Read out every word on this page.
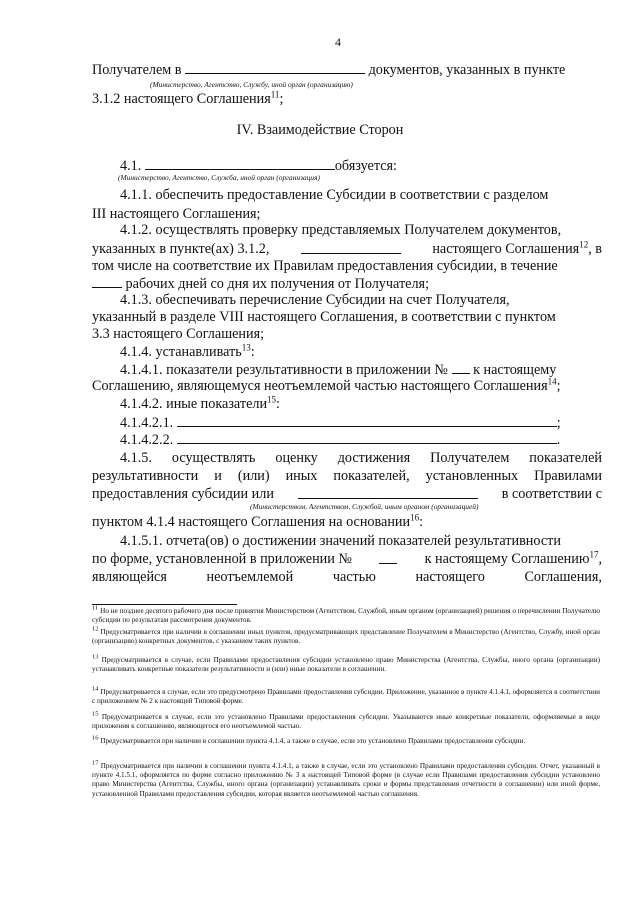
4
Получателем в	документов, указанных в пункте
(Министерство, Агентство, Службу, иной орган (организацию)
3.1.2 настоящего Соглашения$^{11}$;
IV. Взаимодействие Сторон
4.1.	обязуется:
(Министерство, Агентство, Служба, иной орган (организация)
4.1.1. обеспечить предоставление Субсидии в соответствии с разделом
III настоящего Соглашения;
4.1.2. осуществлять проверку представляемых Получателем документов,
указанных в пункте(ах) 3.1.2,	настоящего Соглашения$^{12}$, в
том числе на соответствие их Правилам предоставления субсидии, в течение
рабочих дней со дня их получения от Получателя;
4.1.3. обеспечивать перечисление Субсидии на счет Получателя,
указанный в разделе VIII настоящего Соглашения, в соответствии с пунктом
3.3 настоящего Соглашения;
4.1.4. устанавливать$^{13}$:
4.1.4.1. показатели результативности в приложении № к настоящему
Соглашению, являющемуся неотъемлемой частью настоящего Соглашения$^{14}$;
4.1.4.2. иные показатели$^{15}$:
4.1.4.2.1.	;
4.1.4.2.2.	.
4.1.5. осуществлять оценку достижения Получателем показателей
результативности и (или) иных показателей, установленных Правилами
предоставления субсидии или	в соответствии с
(Министерством, Агентством, Службой, иным органом (организацией)
пунктом 4.1.4 настоящего Соглашения на основании$^{16}$:
4.1.5.1. отчета(ов) о достижении значений показателей результативности
по форме, установленной в приложении №	к настоящему Соглашению$^{17}$,
являющейся	неотъемлемой	частью	настоящего	Соглашения,
$^{11}$ Но не позднее десятого рабочего дня после принятия Министерством (Агентством, Службой, иным органом (организацией) решения о перечислении Получателю субсидии по результатам рассмотрения документов.
$^{12}$ Предусматривается при наличии в соглашении иных пунктов, предусматривающих представление Получателем в Министерство (Агентство, Службу, иной орган (организацию) конкретных документов, с указанием таких пунктов.
$^{13}$ Предусматривается в случае, если Правилами предоставления субсидии установлено право Министерства (Агентства, Службы, иного органа (организации) устанавливать конкретные показатели результативности и (или) иные показатели в соглашении.
$^{14}$ Предусматривается в случае, если это предусмотрено Правилами предоставления субсидии. Приложение, указанное в пункте 4.1.4.1, оформляется в соответствии с приложением № 2 к настоящей Типовой форме.
$^{15}$ Предусматривается в случае, если это установлено Правилами предоставления субсидии. Указываются иные конкретные показатели, оформляемые в виде приложения к соглашению, являющегося его неотъемлемой частью.
$^{16}$ Предусматривается при наличии в соглашении пункта 4.1.4, а также в случае, если это установлено Правилами предоставления субсидии.
$^{17}$ Предусматривается при наличии в соглашении пункта 4.1.4.1, а также в случае, если это установлено Правилами предоставления субсидии. Отчет, указанный в пункте 4.1.5.1, оформляется по форме согласно приложению № 3 к настоящей Типовой форме (в случае если Правилами предоставления субсидии установлено право Министерства (Агентства, Службы, иного органа (организации) устанавливать сроки и формы представления отчетности в соглашении) или иной форме, установленной Правилами предоставления субсидии, которая является неотъемлемой частью соглашения.
